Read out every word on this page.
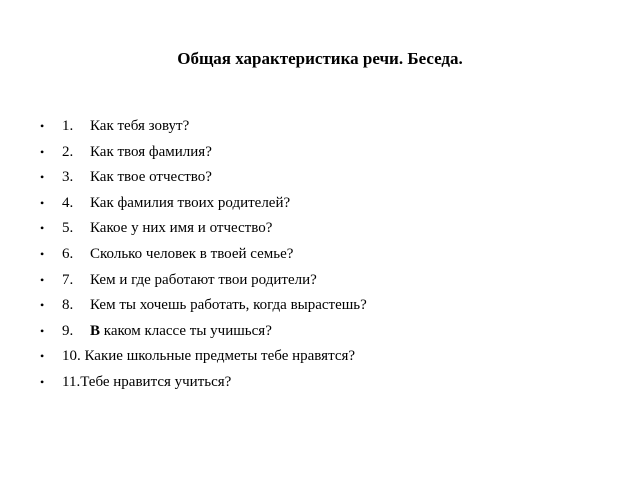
Общая характеристика речи. Беседа.
•	1. Как тебя зовут?
•	2. Как твоя фамилия?
•	3. Как твое отчество?
•	4. Как фамилия твоих родителей?
•	5. Какое у них имя и отчество?
•	6. Сколько человек в твоей семье?
•	7. Кем и где работают твои родители?
•	8. Кем ты хочешь работать, когда вырастешь?
•	9. В каком классе ты учишься?
•	10. Какие школьные предметы тебе нравятся?
•	11.Тебе нравится учиться?
